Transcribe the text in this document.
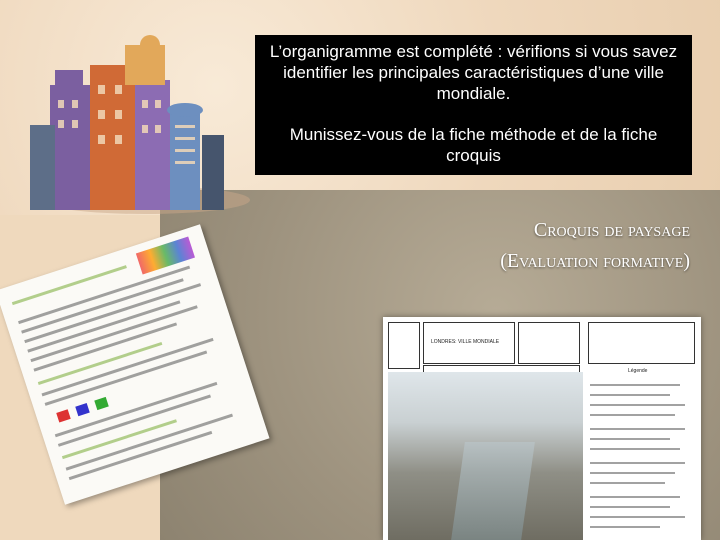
L’organigramme est complété : vérifions si vous savez identifier les principales caractéristiques d’une ville mondiale.

Munissez-vous de la fiche méthode et de la fiche croquis

Croquis de paysage
(Evaluation formative)
LONDRES: VILLE MONDIALE
Légende
